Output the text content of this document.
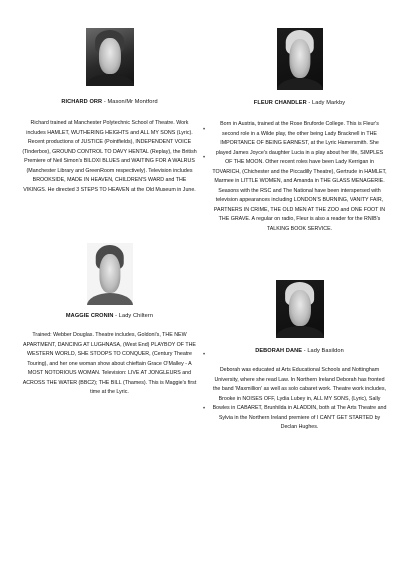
RICHARD ORR - Mason/Mr Montford
Richard trained at Manchester Polytechnic School of Theatre. Work includes HAMLET, WUTHERING HEIGHTS and ALL MY SONS (Lyric). Recent productions of JUSTICE (Pointfields), INDEPENDENT VOICE (Tinderbox), GROUND CONTROL TO DAVY HENTAL (Replay), the British Premiere of Neil Simon's BILOXI BLUES and WAITING FOR A WALRUS (Manchester Library and GreenRoom respectively). Television includes BROOKSIDE, MADE IN HEAVEN, CHILDREN'S WARD and THE VIKINGS. He directed 3 STEPS TO HEAVEN at the Old Museum in June.
FLEUR CHANDLER - Lady Markby
Born in Austria, trained at the Rose Bruforde College. This is Fleur's second role in a Wilde play, the other being Lady Bracknell in THE IMPORTANCE OF BEING EARNEST, at the Lyric Hamersmith. She played James Joyce's daughter Lucia in a play about her life, SIMPLES OF THE MOON. Other recent roles have been Lady Kerrigan in TOVARICH, (Chichester and the Piccadilly Theatre), Gertrude in HAMLET, Marmee in LITTLE WOMEN, and Amanda in THE GLASS MENAGERIE. Seasons with the RSC and The National have been interspersed with television appearances including LONDON'S BURNING, VANITY FAIR, PARTNERS IN CRIME, THE OLD MEN AT THE ZOO and ONE FOOT IN THE GRAVE. A regular on radio, Fleur is also a reader for the RNIB's TALKING BOOK SERVICE.
MAGGIE CRONIN - Lady Chiltern
Trained: Webber Douglas. Theatre includes, Goldoni's, THE NEW APARTMENT, DANCING AT LUGHNASA, (West End) PLAYBOY OF THE WESTERN WORLD, SHE STOOPS TO CONQUER, (Century Theatre Touring), and her one woman show about chieftain Grace O'Malley - A MOST NOTORIOUS WOMAN. Television: LIVE AT JONGLEURS and ACROSS THE WATER (BBC2); THE BILL (Thames). This is Maggie's first time at the Lyric.
DEBORAH DANE - Lady Basildon
Deborah was educated at Arts Educational Schools and Nottingham University, where she read Law. In Northern Ireland Deborah has fronted the band 'Maxmillion' as well as solo cabaret work. Theatre work includes, Brooke in NOISES OFF, Lydia Lubey in, ALL MY SONS, (Lyric), Sally Bowles in CABARET, Brunhilda in ALADDIN, both at The Arts Theatre and Sylvia in the Northern Ireland premiere of I CAN'T GET STARTED by Declan Hughes.
•
•
•
•
